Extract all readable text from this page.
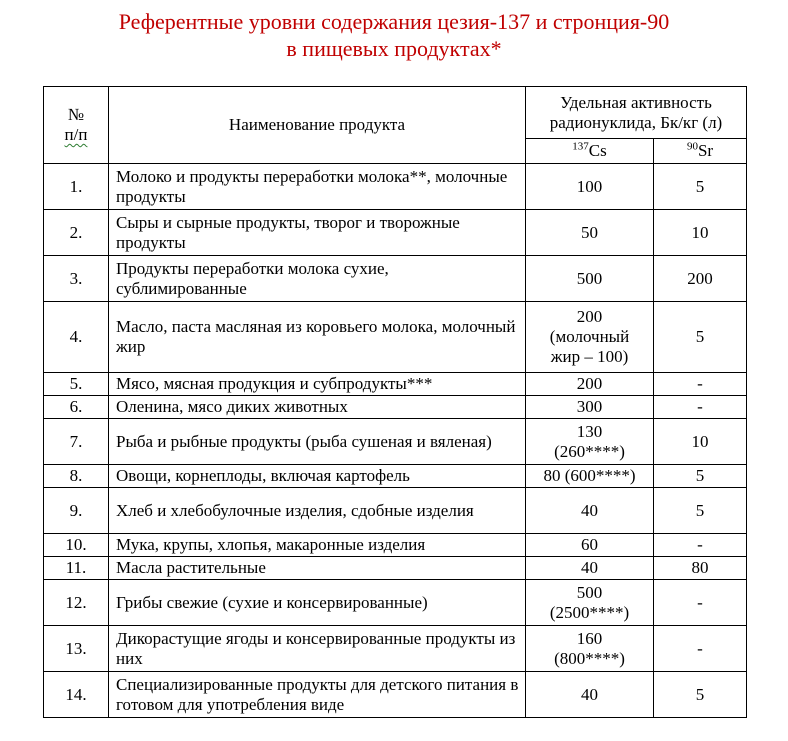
Референтные уровни содержания цезия-137 и стронция-90
в пищевых продуктах*
№
п/п	Наименование продукта	Удельная активность
радионуклида, Бк/кг (л)	

		$^{137}$Cs	$^{90}$Sr
1.	Молоко и продукты переработки молока**, молочные продукты	100	5
2.	Сыры и сырные продукты, творог и творожные продукты	50	10
3.	Продукты переработки молока сухие, сублимированные	500	200
4.	Масло, паста масляная из коровьего молока, молочный жир	200
(молочный
жир – 100)	5
5.	Мясо, мясная продукция и субпродукты***	200	-
6.	Оленина, мясо диких животных	300	-
7.	Рыба и рыбные продукты (рыба сушеная и вяленая)	130
(260****)	10
8.	Овощи, корнеплоды, включая картофель	80 (600****)	5
9.	Хлеб и хлебобулочные изделия, сдобные изделия	40	5
10.	Мука, крупы, хлопья, макаронные изделия	60	-
11.	Масла растительные	40	80
12.	Грибы свежие (сухие и консервированные)	500
(2500****)	-
13.	Дикорастущие ягоды и консервированные продукты из них	160
(800****)	-
14.	Специализированные продукты для детского питания в готовом для употребления виде	40	5
